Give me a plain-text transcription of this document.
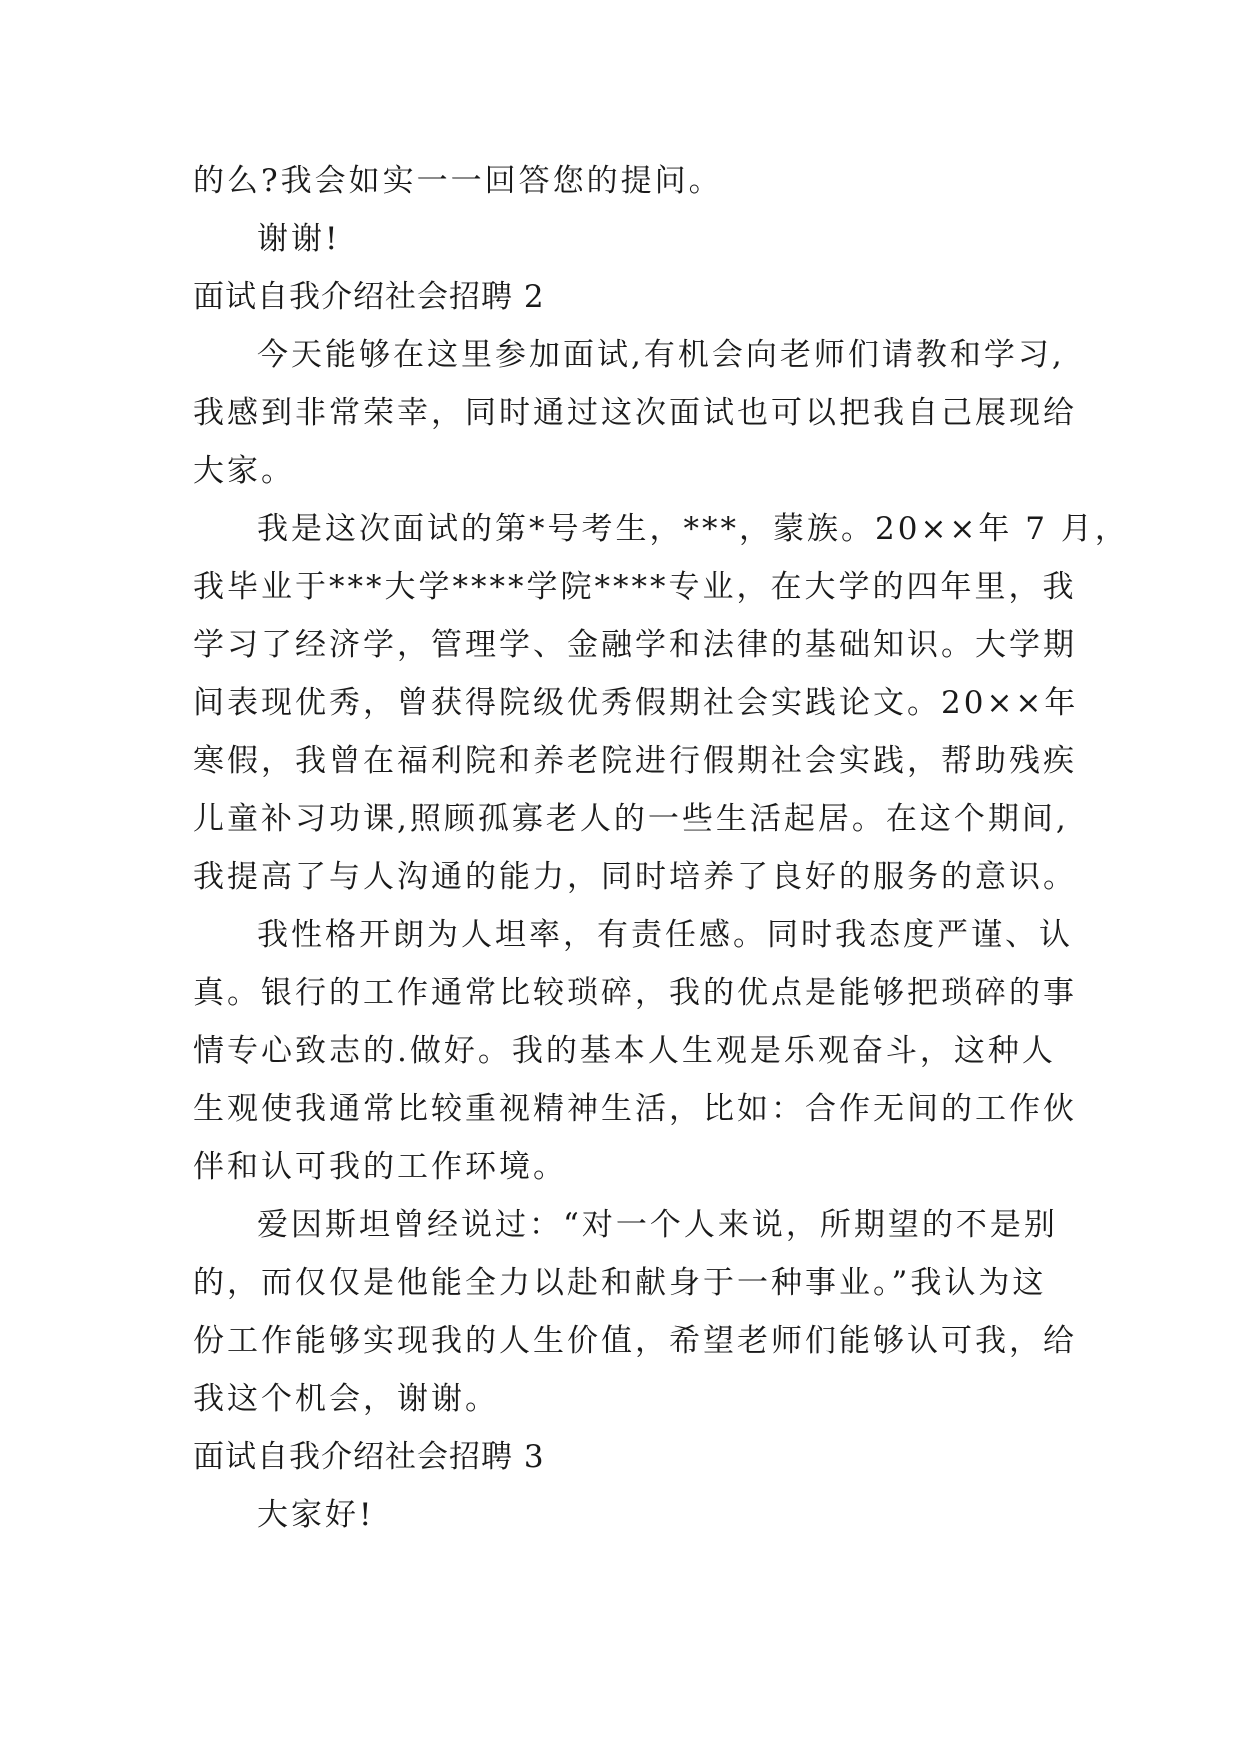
的么?我会如实一一回答您的提问。

谢谢!

面试自我介绍社会招聘 2

今天能够在这里参加面试,有机会向老师们请教和学习,

我感到非常荣幸，同时通过这次面试也可以把我自己展现给

大家。

我是这次面试的第*号考生，***，蒙族。20××年 7 月，

我毕业于***大学****学院****专业，在大学的四年里，我

学习了经济学，管理学、金融学和法律的基础知识。大学期

间表现优秀，曾获得院级优秀假期社会实践论文。20××年

寒假，我曾在福利院和养老院进行假期社会实践，帮助残疾

儿童补习功课,照顾孤寡老人的一些生活起居。在这个期间,

我提高了与人沟通的能力，同时培养了良好的服务的意识。

我性格开朗为人坦率，有责任感。同时我态度严谨、认

真。银行的工作通常比较琐碎，我的优点是能够把琐碎的事

情专心致志的.做好。我的基本人生观是乐观奋斗，这种人

生观使我通常比较重视精神生活，比如：合作无间的工作伙

伴和认可我的工作环境。

爱因斯坦曾经说过：“对一个人来说，所期望的不是别

的，而仅仅是他能全力以赴和献身于一种事业。”我认为这

份工作能够实现我的人生价值，希望老师们能够认可我，给

我这个机会，谢谢。

面试自我介绍社会招聘 3

大家好!
